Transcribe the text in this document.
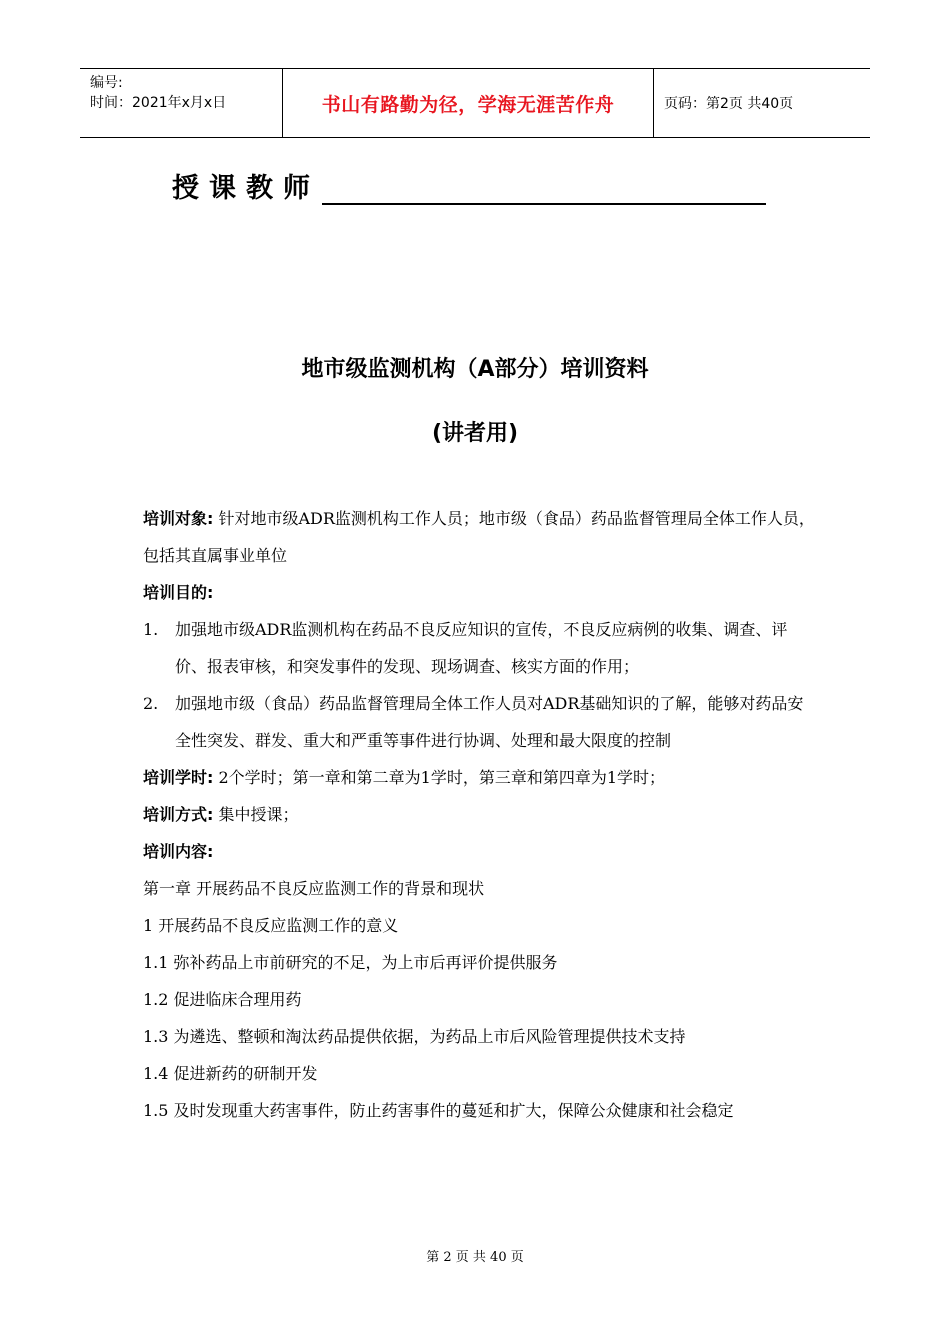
编号:
时间：2021年x月x日	书山有路勤为径，学海无涯苦作舟	页码：第2页 共40页
授课教师
地市级监测机构（A部分）培训资料
(讲者用)

培训对象: 针对地市级ADR监测机构工作人员；地市级（食品）药品监督管理局全体工作人员，包括其直属事业单位

培训目的:

1.	加强地市级ADR监测机构在药品不良反应知识的宣传，不良反应病例的收集、调查、评价、报表审核，和突发事件的发现、现场调查、核实方面的作用；
2.	加强地市级（食品）药品监督管理局全体工作人员对ADR基础知识的了解，能够对药品安全性突发、群发、重大和严重等事件进行协调、处理和最大限度的控制

培训学时: 2个学时；第一章和第二章为1学时，第三章和第四章为1学时；

培训方式: 集中授课；

培训内容:

第一章 开展药品不良反应监测工作的背景和现状

1 开展药品不良反应监测工作的意义

1.1 弥补药品上市前研究的不足，为上市后再评价提供服务

1.2 促进临床合理用药

1.3 为遴选、整顿和淘汰药品提供依据，为药品上市后风险管理提供技术支持

1.4 促进新药的研制开发

1.5 及时发现重大药害事件，防止药害事件的蔓延和扩大，保障公众健康和社会稳定

第 2 页 共 40 页
